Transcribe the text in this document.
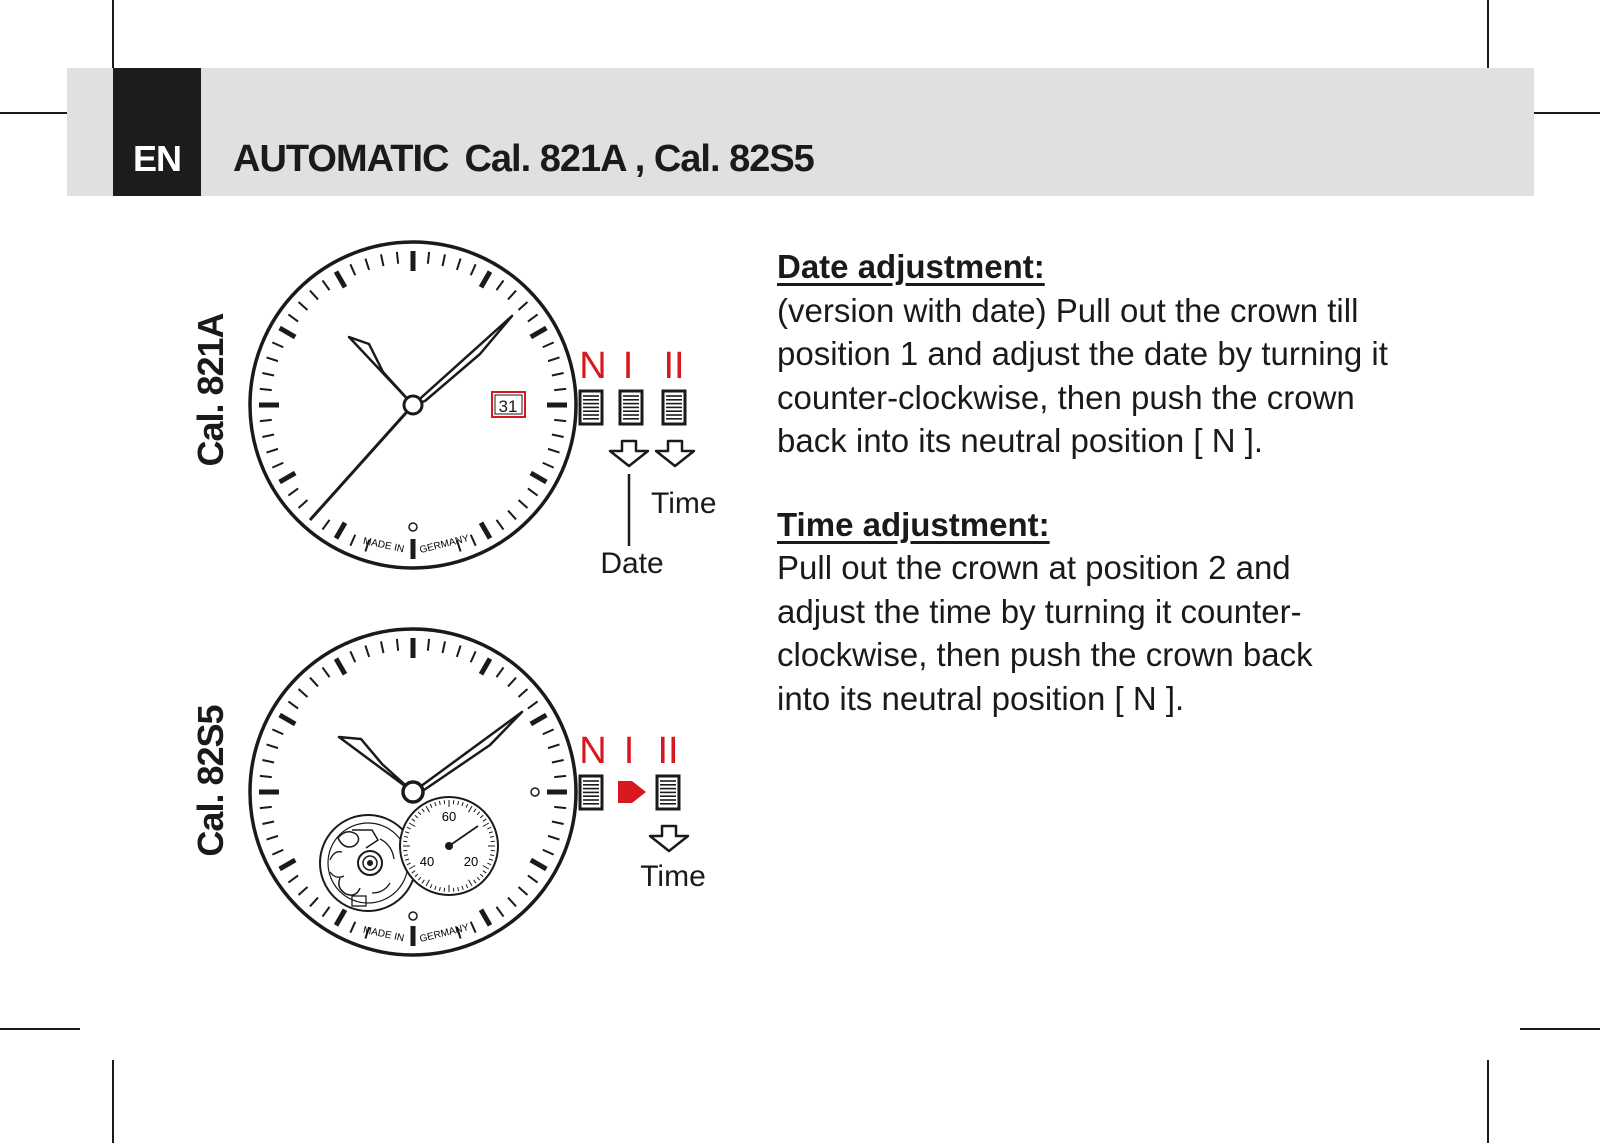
EN AUTOMATIC Cal. 821A , Cal. 82S5
Cal. 821A
Cal. 82S5
31
MADE IN GERMANY
N I II
Time
Date
60
40 20
MADE IN GERMANY
N I II
Time
Date adjustment:
(version with date) Pull out the crown till position 1 and adjust the date by turning it counter-clockwise, then push the crown back into its neutral position [ N ].
Time adjustment:
Pull out the crown at position 2 and adjust the time by turning it counter-clockwise, then push the crown back into its neutral position [ N ].
